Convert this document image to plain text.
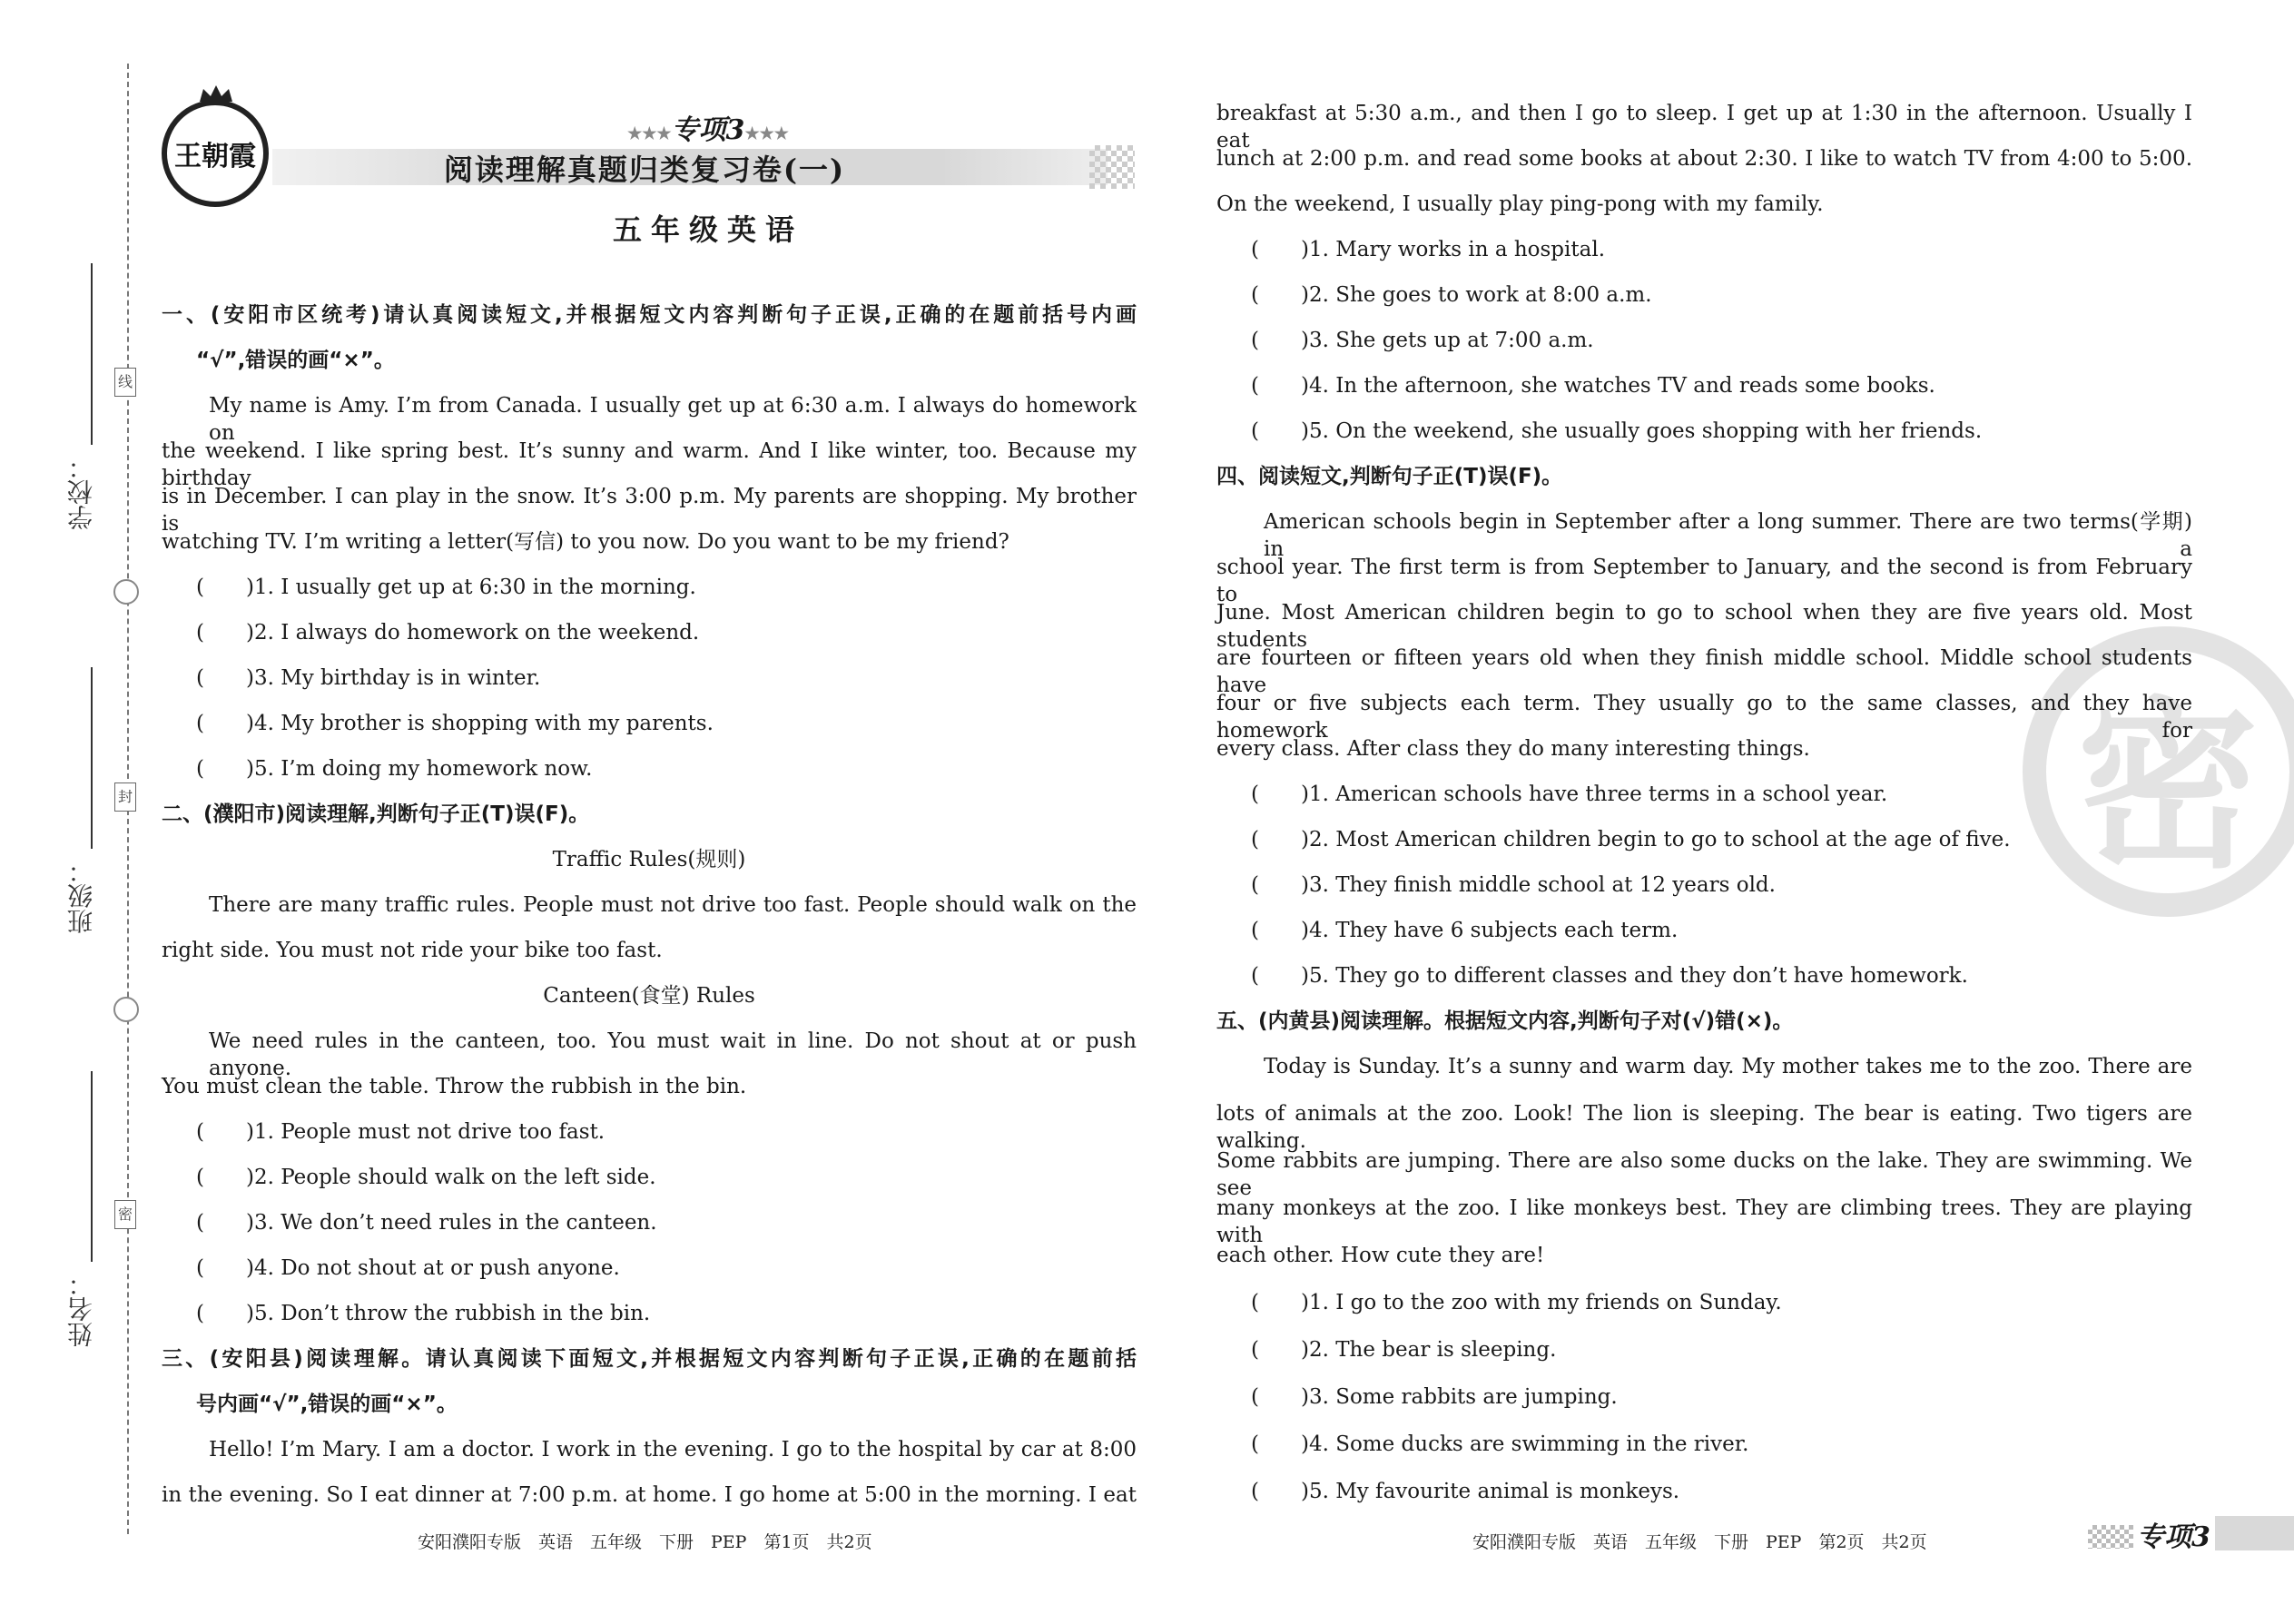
学校：
班级：
姓名：
线
封
密
王朝霞
★★★专项3★★★
阅读理解真题归类复习卷(一)
五年级英语
密
一、(安阳市区统考)请认真阅读短文,并根据短文内容判断句子正误,正确的在题前括号内画
“√”,错误的画“×”。
My name is Amy. I’m from Canada. I usually get up at 6:30 a.m. I always do homework on
the weekend. I like spring best. It’s sunny and warm. And I like winter, too. Because my birthday
is in December. I can play in the snow. It’s 3:00 p.m. My parents are shopping. My brother is
watching TV. I’m writing a letter(写信) to you now. Do you want to be my friend?
(　　)1. I usually get up at 6:30 in the morning.
(　　)2. I always do homework on the weekend.
(　　)3. My birthday is in winter.
(　　)4. My brother is shopping with my parents.
(　　)5. I’m doing my homework now.
二、(濮阳市)阅读理解,判断句子正(T)误(F)。
Traffic Rules(规则)
There are many traffic rules. People must not drive too fast. People should walk on the
right side. You must not ride your bike too fast.
Canteen(食堂) Rules
We need rules in the canteen, too. You must wait in line. Do not shout at or push anyone.
You must clean the table. Throw the rubbish in the bin.
(　　)1. People must not drive too fast.
(　　)2. People should walk on the left side.
(　　)3. We don’t need rules in the canteen.
(　　)4. Do not shout at or push anyone.
(　　)5. Don’t throw the rubbish in the bin.
三、(安阳县)阅读理解。请认真阅读下面短文,并根据短文内容判断句子正误,正确的在题前括
号内画“√”,错误的画“×”。
Hello! I’m Mary. I am a doctor. I work in the evening. I go to the hospital by car at 8:00
in the evening. So I eat dinner at 7:00 p.m. at home. I go home at 5:00 in the morning. I eat
breakfast at 5:30 a.m., and then I go to sleep. I get up at 1:30 in the afternoon. Usually I eat
lunch at 2:00 p.m. and read some books at about 2:30. I like to watch TV from 4:00 to 5:00.
On the weekend, I usually play ping-pong with my family.
(　　)1. Mary works in a hospital.
(　　)2. She goes to work at 8:00 a.m.
(　　)3. She gets up at 7:00 a.m.
(　　)4. In the afternoon, she watches TV and reads some books.
(　　)5. On the weekend, she usually goes shopping with her friends.
四、阅读短文,判断句子正(T)误(F)。
American schools begin in September after a long summer. There are two terms(学期) in a
school year. The first term is from September to January, and the second is from February to
June. Most American children begin to go to school when they are five years old. Most students
are fourteen or fifteen years old when they finish middle school. Middle school students have
four or five subjects each term. They usually go to the same classes, and they have homework for
every class. After class they do many interesting things.
(　　)1. American schools have three terms in a school year.
(　　)2. Most American children begin to go to school at the age of five.
(　　)3. They finish middle school at 12 years old.
(　　)4. They have 6 subjects each term.
(　　)5. They go to different classes and they don’t have homework.
五、(内黄县)阅读理解。根据短文内容,判断句子对(√)错(×)。
Today is Sunday. It’s a sunny and warm day. My mother takes me to the zoo. There are
lots of animals at the zoo. Look! The lion is sleeping. The bear is eating. Two tigers are walking.
Some rabbits are jumping. There are also some ducks on the lake. They are swimming. We see
many monkeys at the zoo. I like monkeys best. They are climbing trees. They are playing with
each other. How cute they are!
(　　)1. I go to the zoo with my friends on Sunday.
(　　)2. The bear is sleeping.
(　　)3. Some rabbits are jumping.
(　　)4. Some ducks are swimming in the river.
(　　)5. My favourite animal is monkeys.
安阳濮阳专版　英语　五年级　下册　PEP　第1页　共2页	安阳濮阳专版　英语　五年级　下册　PEP　第2页　共2页	专项3
